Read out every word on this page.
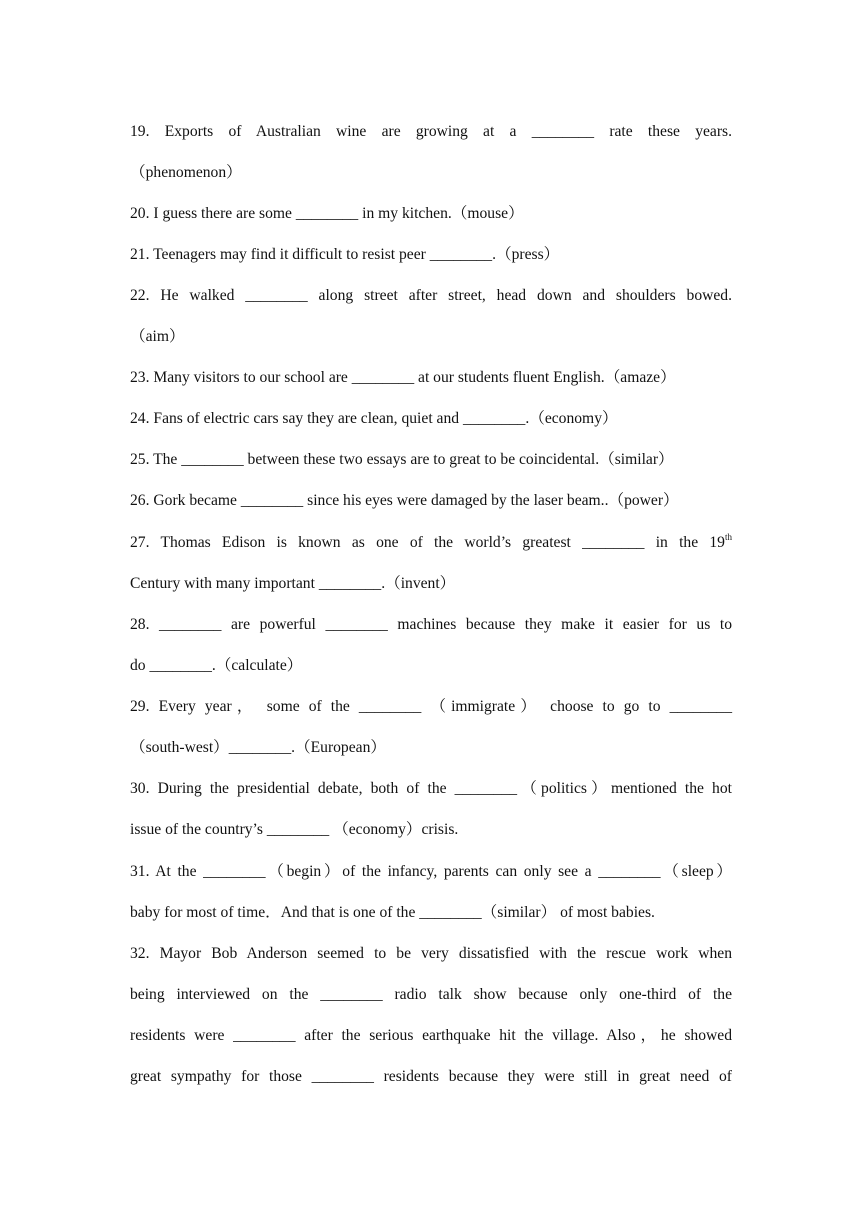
19. Exports of Australian wine are growing at a ________ rate these years.
（phenomenon）
20. I guess there are some ________ in my kitchen.（mouse）
21. Teenagers may find it difficult to resist peer ________.（press）
22. He walked ________ along street after street, head down and shoulders bowed.
（aim）
23. Many visitors to our school are ________ at our students fluent English.（amaze）
24. Fans of electric cars say they are clean, quiet and ________.（economy）
25. The ________ between these two essays are to great to be coincidental.（similar）
26. Gork became ________ since his eyes were damaged by the laser beam..（power）
27. Thomas Edison is known as one of the world’s greatest ________ in the 19th
Century with many important ________.（invent）
28. ________ are powerful ________ machines because they make it easier for us to
do ________.（calculate）
29. Every year， some of the ________ （immigrate） choose to go to ________
（south-west）________.（European）
30. During the presidential debate, both of the ________（politics）mentioned the hot
issue of the country’s ________ （economy）crisis.
31. At the ________（begin）of the infancy, parents can only see a ________（sleep）
baby for most of time．And that is one of the ________（similar） of most babies.
32. Mayor Bob Anderson seemed to be very dissatisfied with the rescue work when
being interviewed on the ________ radio talk show because only one-third of the
residents were ________ after the serious earthquake hit the village. Also，he showed
great sympathy for those ________ residents because they were still in great need of
